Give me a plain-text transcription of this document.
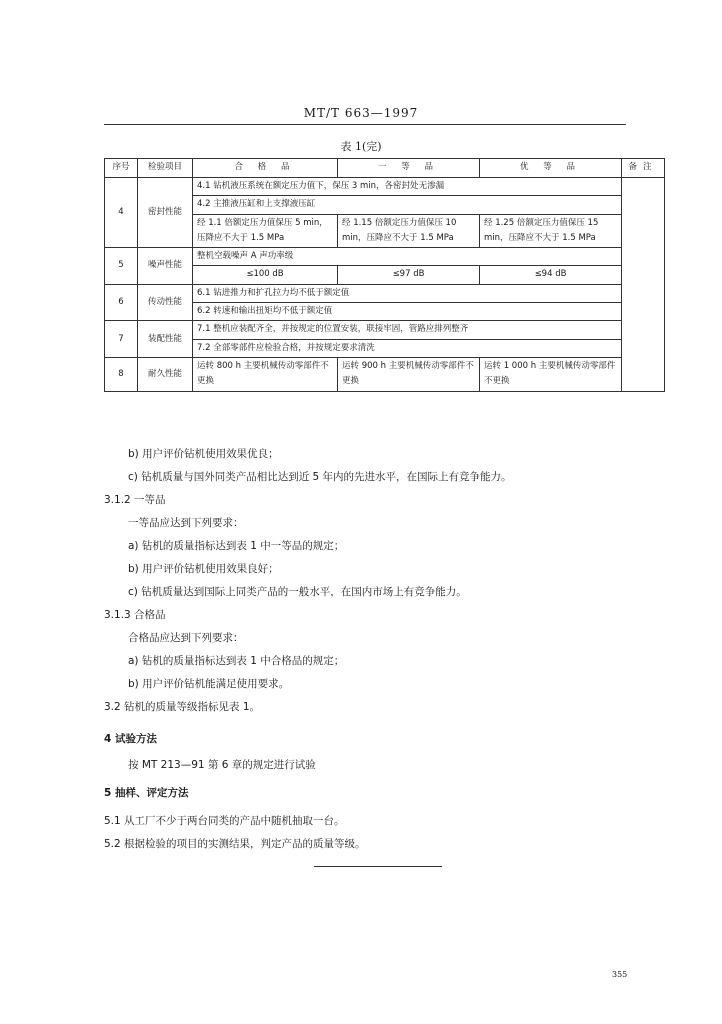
MT/T 663—1997
表 1(完)
序号	检验项目	合 格 品	一 等 品	优 等 品	备注
4	密封性能	4.1 钻机液压系统在额定压力值下，保压 3 min，各密封处无渗漏			
		4.2 主推液压缸和上支撑液压缸			
		经 1.1 倍额定压力值保压 5 min，压降应不大于 1.5 MPa	经 1.15 倍额定压力值保压 10 min，压降应不大于 1.5 MPa	经 1.25 倍额定压力值保压 15 min，压降应不大于 1.5 MPa	
5	噪声性能	整机空载噪声 A 声功率级			
		≤100 dB	≤97 dB	≤94 dB	
6	传动性能	6.1 钻进推力和扩孔拉力均不低于额定值			
		6.2 转速和输出扭矩均不低于额定值			
7	装配性能	7.1 整机应装配齐全，并按规定的位置安装，联接牢固，管路应排列整齐			
		7.2 全部零部件应检验合格，并按规定要求清洗			
8	耐久性能	运转 800 h 主要机械传动零部件不更换	运转 900 h 主要机械传动零部件不更换	运转 1 000 h 主要机械传动零部件不更换	
b) 用户评价钻机使用效果优良；
c) 钻机质量与国外同类产品相比达到近 5 年内的先进水平，在国际上有竞争能力。
3.1.2 一等品
一等品应达到下列要求：
a) 钻机的质量指标达到表 1 中一等品的规定；
b) 用户评价钻机使用效果良好；
c) 钻机质量达到国际上同类产品的一般水平，在国内市场上有竞争能力。
3.1.3 合格品
合格品应达到下列要求：
a) 钻机的质量指标达到表 1 中合格品的规定；
b) 用户评价钻机能满足使用要求。
3.2 钻机的质量等级指标见表 1。
4 试验方法
按 MT 213—91 第 6 章的规定进行试验
5 抽样、评定方法
5.1 从工厂不少于两台同类的产品中随机抽取一台。
5.2 根据检验的项目的实测结果，判定产品的质量等级。
355
